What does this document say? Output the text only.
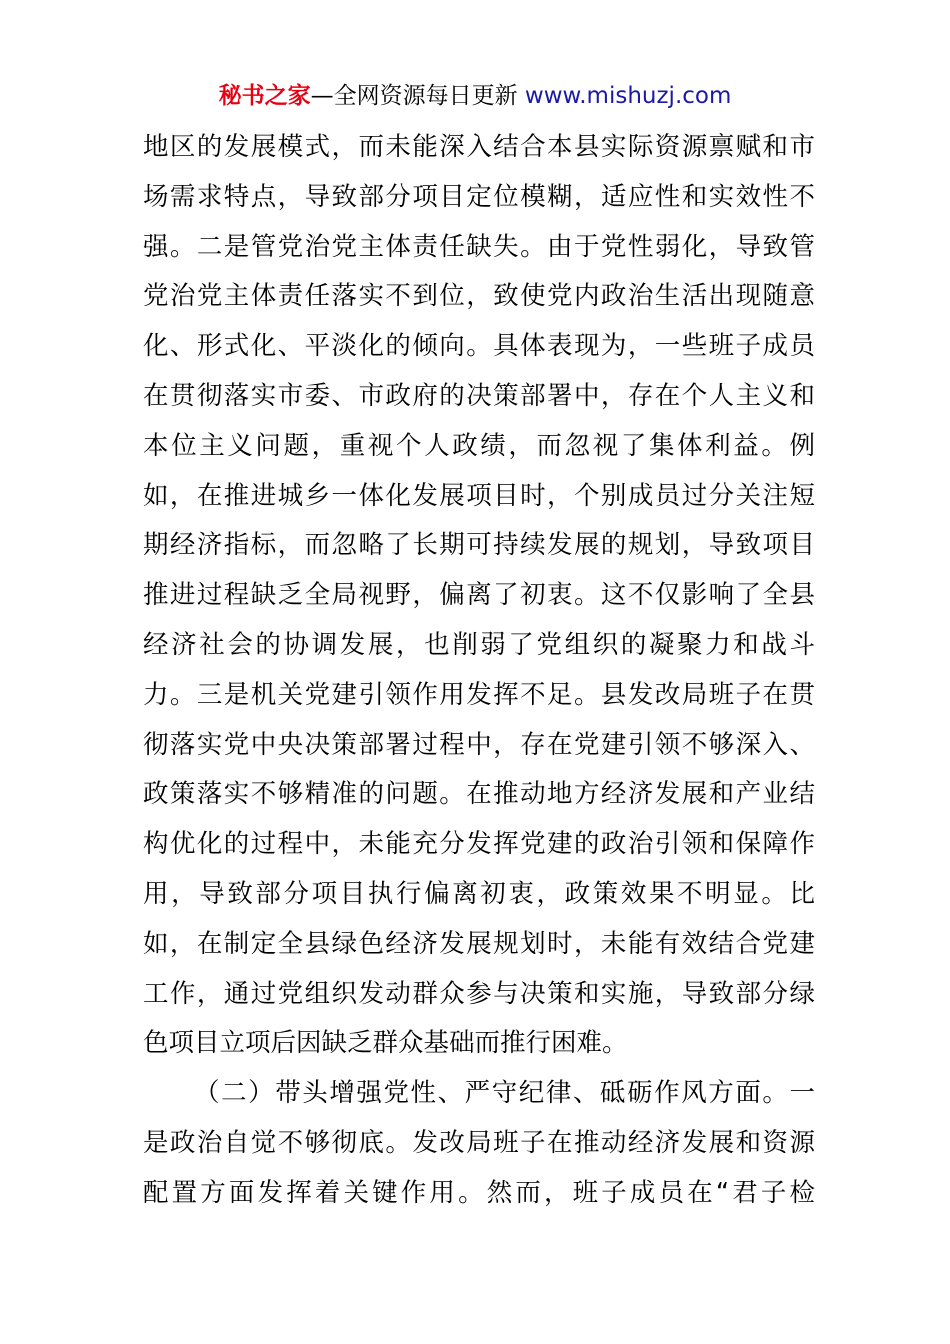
秘书之家—全网资源每日更新 www.mishuzj.com
地区的发展模式，而未能深入结合本县实际资源禀赋和市
场需求特点，导致部分项目定位模糊，适应性和实效性不
强。二是管党治党主体责任缺失。由于党性弱化，导致管
党治党主体责任落实不到位，致使党内政治生活出现随意
化、形式化、平淡化的倾向。具体表现为，一些班子成员
在贯彻落实市委、市政府的决策部署中，存在个人主义和
本位主义问题，重视个人政绩，而忽视了集体利益。例
如，在推进城乡一体化发展项目时，个别成员过分关注短
期经济指标，而忽略了长期可持续发展的规划，导致项目
推进过程缺乏全局视野，偏离了初衷。这不仅影响了全县
经济社会的协调发展，也削弱了党组织的凝聚力和战斗
力。三是机关党建引领作用发挥不足。县发改局班子在贯
彻落实党中央决策部署过程中，存在党建引领不够深入、
政策落实不够精准的问题。在推动地方经济发展和产业结
构优化的过程中，未能充分发挥党建的政治引领和保障作
用，导致部分项目执行偏离初衷，政策效果不明显。比
如，在制定全县绿色经济发展规划时，未能有效结合党建
工作，通过党组织发动群众参与决策和实施，导致部分绿
色项目立项后因缺乏群众基础而推行困难。
（二）带头增强党性、严守纪律、砥砺作风方面。一
是政治自觉不够彻底。发改局班子在推动经济发展和资源
配置方面发挥着关键作用。然而，班子成员在“君子检
